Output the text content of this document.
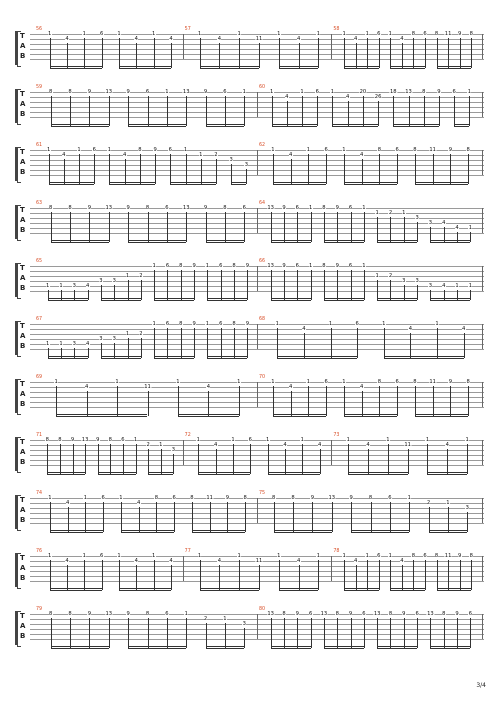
T
A
B
56
1
4
1	6	1
4
1
4
57
1
4
1
11
1
4
1
58
1
4
1 6 1
4
8 6 8 11 9 8
T
A
B
59
8	8	9	13	9	6	1	13	9	6	1
60
1
4
1 6 1
4
20
26
18 13 8 9 6 1
T
A
B
61
1
4
1 6 1
4
8 9 6 1
1 2
3
3
62
1
4
1	6	1
4
8	6	8 11 9	8
T
A
B
63
8	8	9	13	9	8	6	13	9	8	6
64
13 9 6 1 8 9 6 1
1 2 1
3
3 4
4 1
T
A
B
65
1 1 3 4
3 3
1 2
1 6 8 9 1 6 8 9
66
13 9 6 1 8 9 6 1
1 2
3 3
3 4 1 1
T
A
B
67
1 1 3 4
3 3
1 2
1 6 8 9 1 6 8 9
68
1
4
1	6	1
4
1
4
T
A
B
69
1
4
1
11
1
4
1
70
1
4
1	6	1
4
8	6	8 11 9	8
T
A
B
71
8 8 9 13 9 8 6 1
2 1
3
72
1
4
1	6	1
4
1
4
73
1
4
1
11
1
4
1
T
A
B
74
1
4
1	6	1
4
8	6	8 11 9	8
75
8	8	9	13	9	8	6	1
2	1
3
T
A
B
76
1
4
1	6	1
4
1
4
77
1
4
1
11
1
4
1
78
1
4
1 6 1
4
8 6 8 11 9 8
T
A
B
79
8	8	9	13	9	8	6	1
2	1
3
80
13 8 9 6 13 8 9 6 13 8 9 6 13 8 9 6
3/4
